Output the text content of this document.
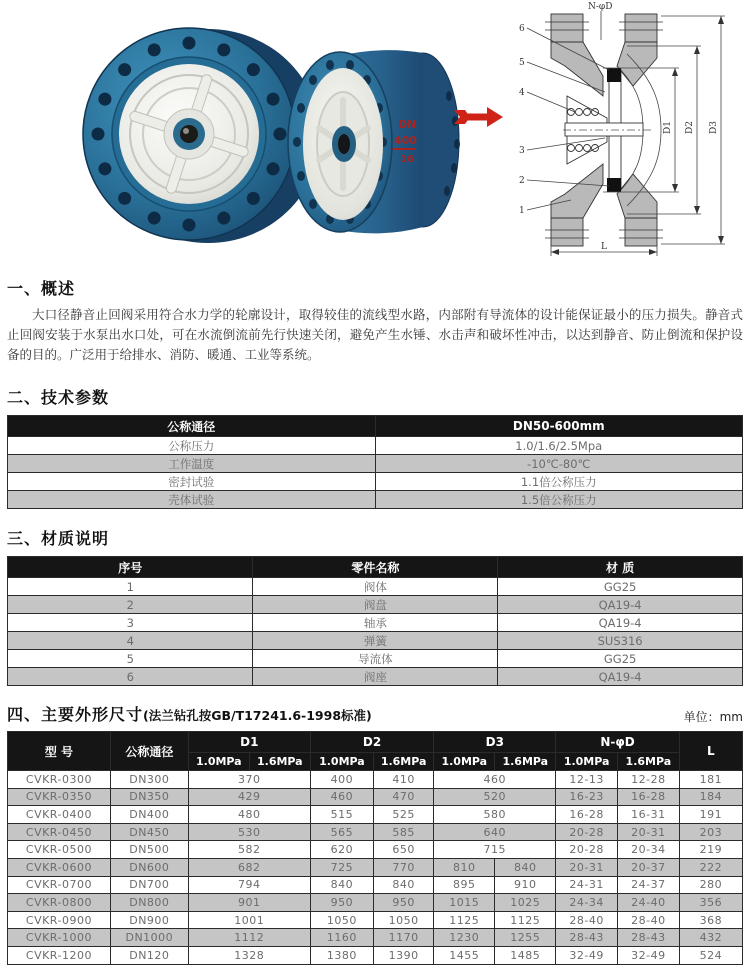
DN
400
16
N-φD
D1 D2 D3
L
6
5
4
3
2
1
一、概述

大口径静音止回阀采用符合水力学的轮廓设计，取得较佳的流线型水路，内部附有导流体的设计能保证最小的压力损失。静音式止回阀安装于水泵出水口处，可在水流倒流前先行快速关闭，避免产生水锤、水击声和破坏性冲击，以达到静音、防止倒流和保护设备的目的。广泛用于给排水、消防、暖通、工业等系统。

二、技术参数
公称通径	DN50-600mm
公称压力	1.0/1.6/2.5Mpa
工作温度	-10℃-80℃
密封试验	1.1倍公称压力
壳体试验	1.5倍公称压力
三、材质说明
序号	零件名称	材 质
1	阀体	GG25
2	阀盘	QA19-4
3	轴承	QA19-4
4	弹簧	SUS316
5	导流体	GG25
6	阀座	QA19-4
四、主要外形尺寸(法兰钻孔按GB/T17241.6-1998标准)	单位：mm
型 号	公称通径	D1		D2		D3		N-φD		L
		1.0MPa	1.6MPa	1.0MPa	1.6MPa	1.0MPa	1.6MPa	1.0MPa	1.6MPa	
CVKR-0300	DN300	370		400	410	460		12-13	12-28	181
CVKR-0350	DN350	429		460	470	520		16-23	16-28	184
CVKR-0400	DN400	480		515	525	580		16-28	16-31	191
CVKR-0450	DN450	530		565	585	640		20-28	20-31	203
CVKR-0500	DN500	582		620	650	715		20-28	20-34	219
CVKR-0600	DN600	682		725	770	810	840	20-31	20-37	222
CVKR-0700	DN700	794		840	840	895	910	24-31	24-37	280
CVKR-0800	DN800	901		950	950	1015	1025	24-34	24-40	356
CVKR-0900	DN900	1001		1050	1050	1125	1125	28-40	28-40	368
CVKR-1000	DN1000	1112		1160	1170	1230	1255	28-43	28-43	432
CVKR-1200	DN120	1328		1380	1390	1455	1485	32-49	32-49	524
